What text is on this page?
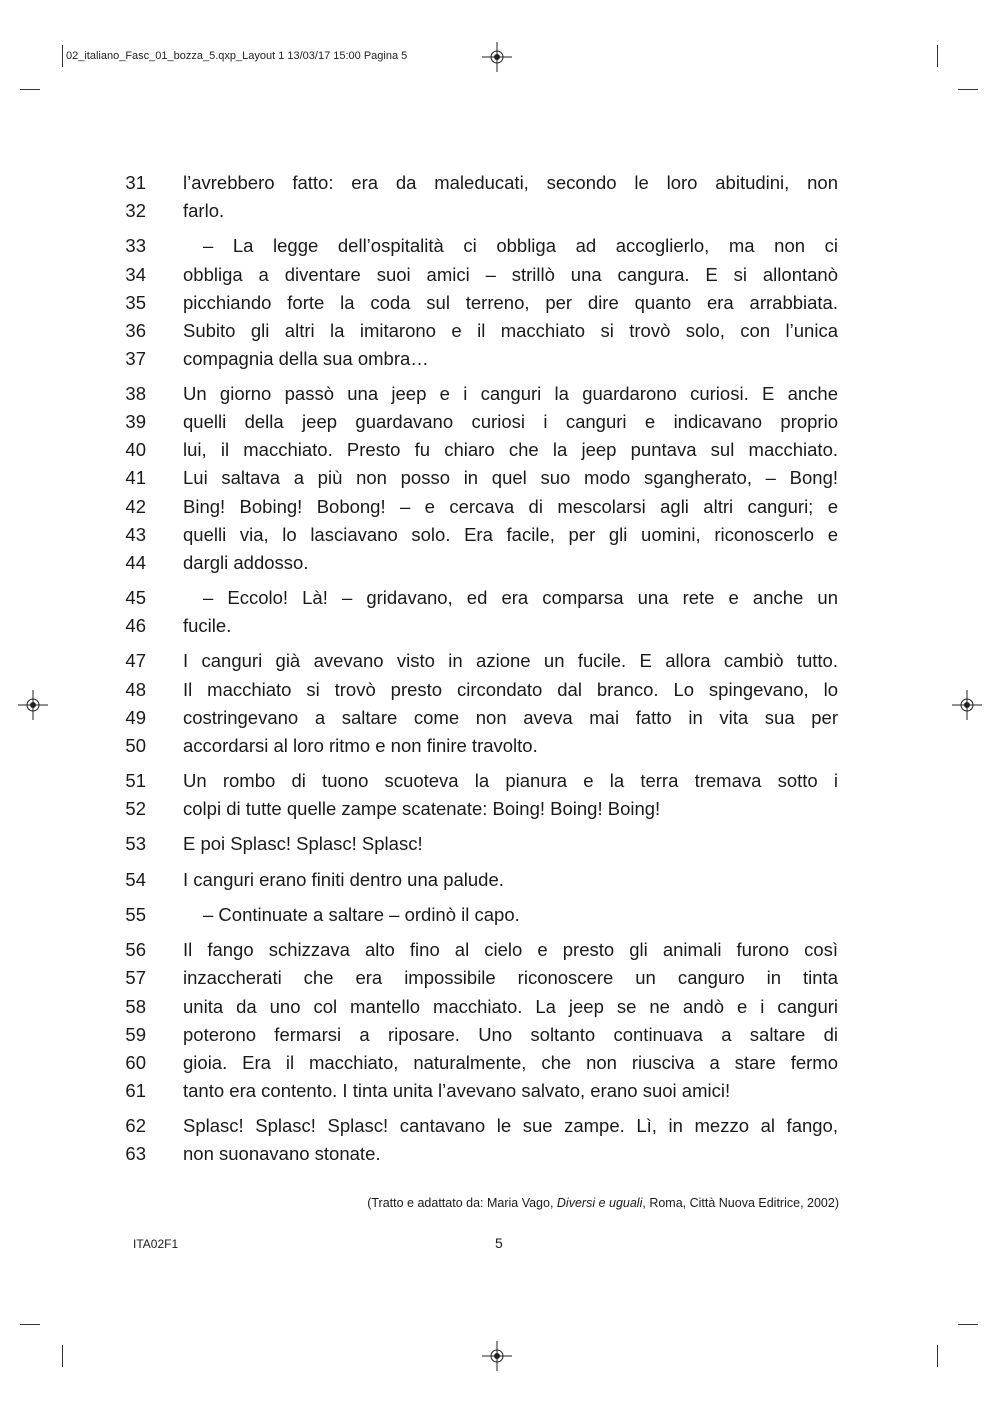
02_italiano_Fasc_01_bozza_5.qxp_Layout 1 13/03/17 15:00 Pagina 5
31 l’avrebbero fatto: era da maleducati, secondo le loro abitudini, non
32 farlo.
33	– La legge dell’ospitalità ci obbliga ad accoglierlo, ma non ci
34 obbliga a diventare suoi amici – strillò una cangura. E si allontanò
35 picchiando forte la coda sul terreno, per dire quanto era arrabbiata.
36 Subito gli altri la imitarono e il macchiato si trovò solo, con l’unica
37 compagnia della sua ombra…
38 Un giorno passò una jeep e i canguri la guardarono curiosi. E anche
39 quelli della jeep guardavano curiosi i canguri e indicavano proprio
40 lui, il macchiato. Presto fu chiaro che la jeep puntava sul macchiato.
41 Lui saltava a più non posso in quel suo modo sgangherato, – Bong!
42 Bing! Bobing! Bobong! – e cercava di mescolarsi agli altri canguri; e
43 quelli via, lo lasciavano solo. Era facile, per gli uomini, riconoscerlo e
44 dargli addosso.
45	– Eccolo! Là! – gridavano, ed era comparsa una rete e anche un
46 fucile.
47 I canguri già avevano visto in azione un fucile. E allora cambiò tutto.
48 Il macchiato si trovò presto circondato dal branco. Lo spingevano, lo
49 costringevano a saltare come non aveva mai fatto in vita sua per
50 accordarsi al loro ritmo e non finire travolto.
51 Un rombo di tuono scuoteva la pianura e la terra tremava sotto i
52 colpi di tutte quelle zampe scatenate: Boing! Boing! Boing!
53 E poi Splasc! Splasc! Splasc!
54 I canguri erano finiti dentro una palude.
55	– Continuate a saltare – ordinò il capo.
56 Il fango schizzava alto fino al cielo e presto gli animali furono così
57 inzaccherati che era impossibile riconoscere un canguro in tinta
58 unita da uno col mantello macchiato. La jeep se ne andò e i canguri
59 poterono fermarsi a riposare. Uno soltanto continuava a saltare di
60 gioia. Era il macchiato, naturalmente, che non riusciva a stare fermo
61 tanto era contento. I tinta unita l’avevano salvato, erano suoi amici!
62 Splasc! Splasc! Splasc! cantavano le sue zampe. Lì, in mezzo al fango,
63 non suonavano stonate.
(Tratto e adattato da: Maria Vago, Diversi e uguali, Roma, Città Nuova Editrice, 2002)
ITA02F1	5
